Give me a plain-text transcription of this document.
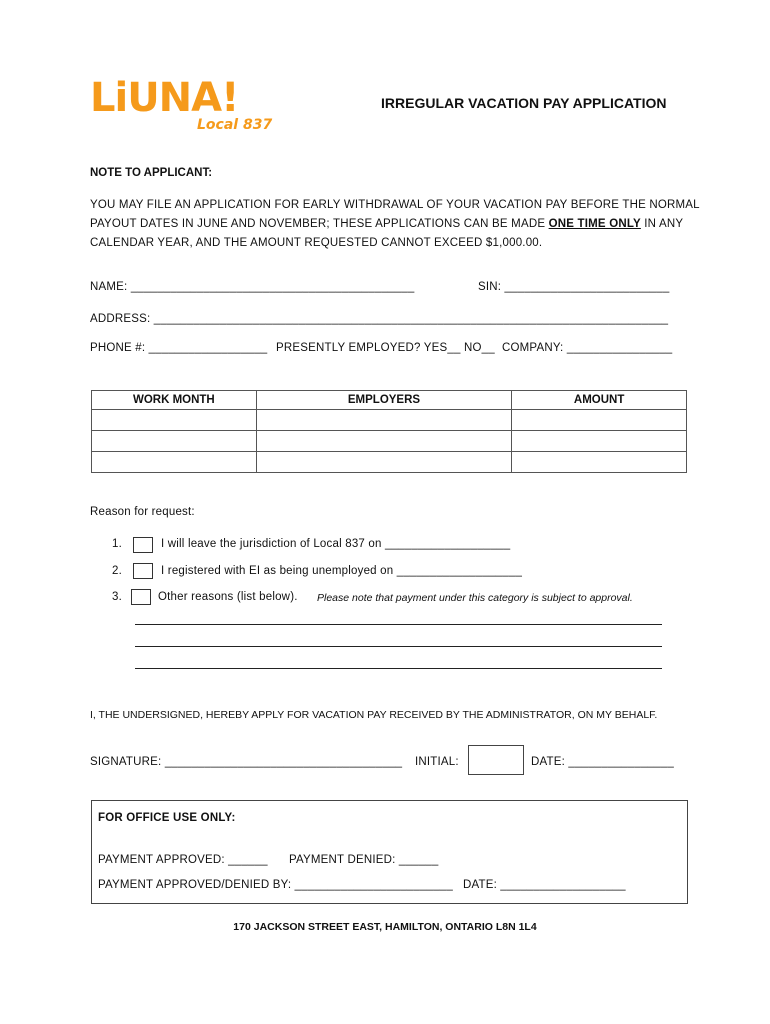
LiUNA!
Local 837
IRREGULAR VACATION PAY APPLICATION
NOTE TO APPLICANT:
YOU MAY FILE AN APPLICATION FOR EARLY WITHDRAWAL OF YOUR VACATION PAY BEFORE THE NORMAL PAYOUT DATES IN JUNE AND NOVEMBER; THESE APPLICATIONS CAN BE MADE ONE TIME ONLY IN ANY CALENDAR YEAR, AND THE AMOUNT REQUESTED CANNOT EXCEED $1,000.00.
NAME: ___________________________________________	SIN: _________________________
ADDRESS: ______________________________________________________________________________
PHONE #: __________________ PRESENTLY EMPLOYED? YES__ NO__ COMPANY: ________________
WORK MONTH	EMPLOYERS	AMOUNT

Reason for request:
1.	I will leave the jurisdiction of Local 837 on ___________________
2.	I registered with EI as being unemployed on ___________________
3.	Other reasons (list below). Please note that payment under this category is subject to approval.
I, THE UNDERSIGNED, HEREBY APPLY FOR VACATION PAY RECEIVED BY THE ADMINISTRATOR, ON MY BEHALF.
SIGNATURE: ____________________________________ INITIAL:	DATE: ________________
FOR OFFICE USE ONLY:
PAYMENT APPROVED: ______ PAYMENT DENIED: ______
PAYMENT APPROVED/DENIED BY: ________________________ DATE: ___________________
170 JACKSON STREET EAST, HAMILTON, ONTARIO L8N 1L4
